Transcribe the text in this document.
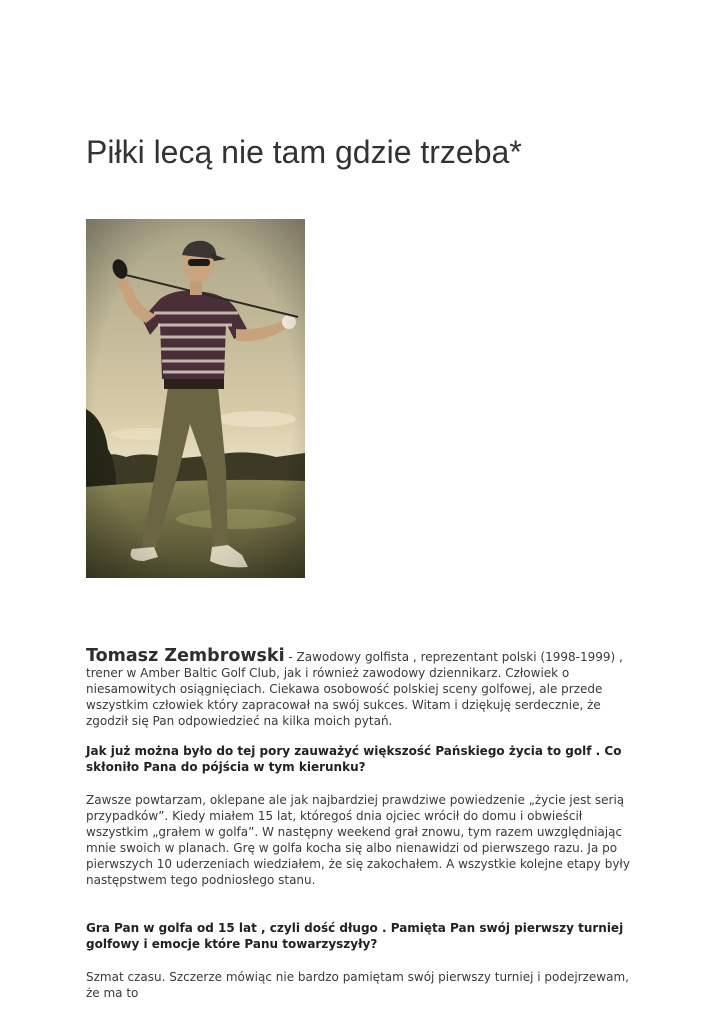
Piłki lecą nie tam gdzie trzeba*

Tomasz Zembrowski - Zawodowy golfista , reprezentant polski (1998-1999) , trener w Amber Baltic Golf Club, jak i również zawodowy dziennikarz. Człowiek o niesamowitych osiągnięciach. Ciekawa osobowość polskiej sceny golfowej, ale przede wszystkim człowiek który zapracował na swój sukces. Witam i dziękuję serdecznie, że zgodził się Pan odpowiedzieć na kilka moich pytań.

Jak już można było do tej pory zauważyć większość Pańskiego życia to golf . Co skłoniło Pana do pójścia w tym kierunku?

Zawsze powtarzam, oklepane ale jak najbardziej prawdziwe powiedzenie „życie jest serią przypadków”. Kiedy miałem 15 lat, któregoś dnia ojciec wrócił do domu i obwieścił wszystkim „grałem w golfa”. W następny weekend grał znowu, tym razem uwzględniając mnie swoich w planach. Grę w golfa kocha się albo nienawidzi od pierwszego razu. Ja po pierwszych 10 uderzeniach wiedziałem, że się zakochałem. A wszystkie kolejne etapy były następstwem tego podniosłego stanu.

Gra Pan w golfa od 15 lat , czyli dość długo . Pamięta Pan swój pierwszy turniej golfowy i emocje które Panu towarzyszyły?

Szmat czasu. Szczerze mówiąc nie bardzo pamiętam swój pierwszy turniej i podejrzewam, że ma to
